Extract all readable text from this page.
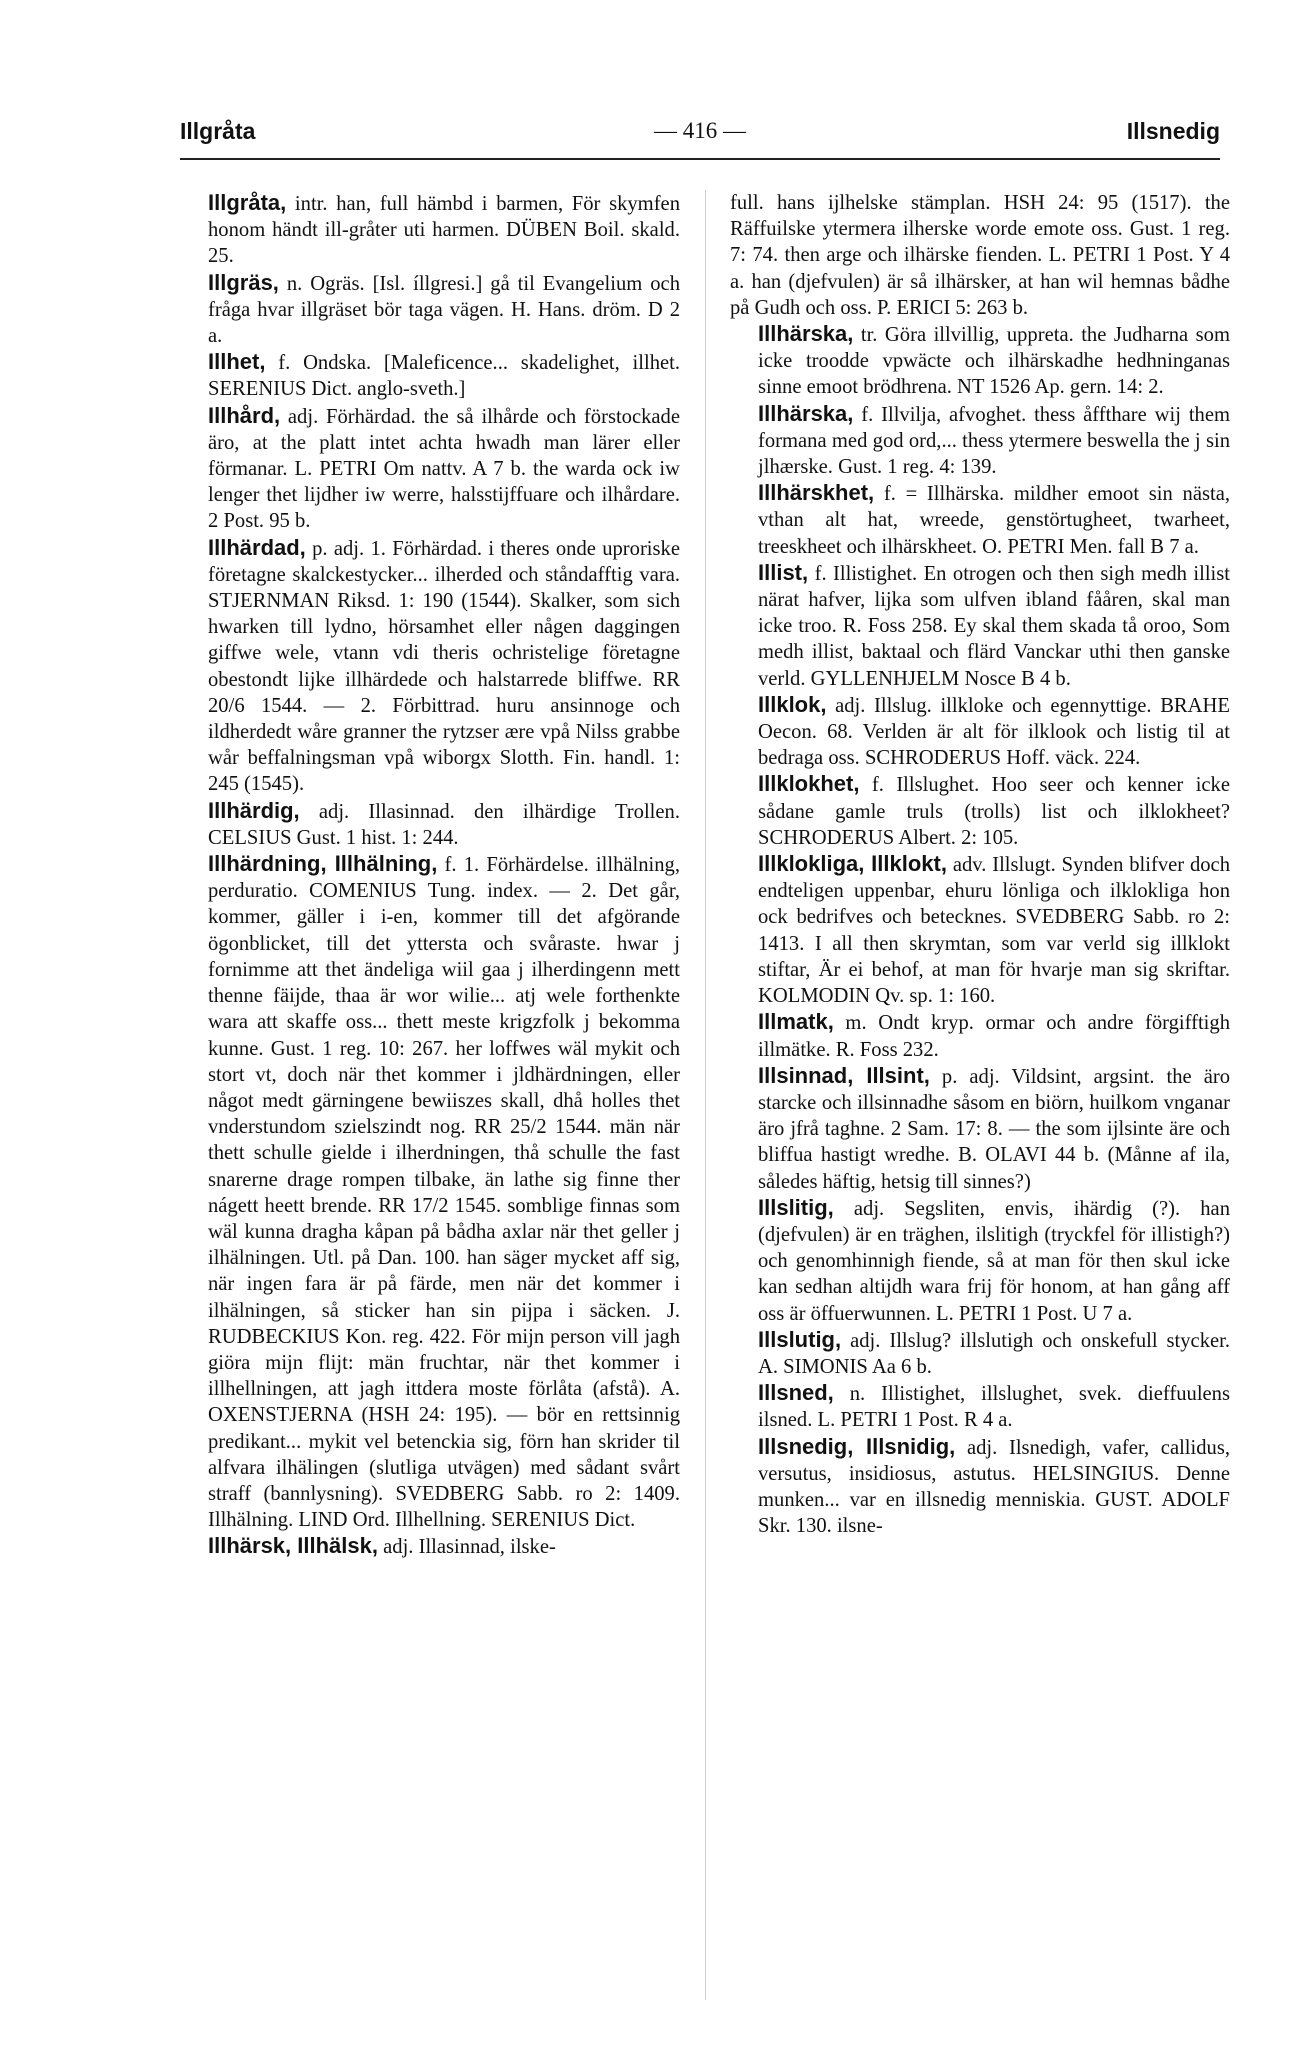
Illgråta	— 416 —	Illsnedig

Illgråta, intr. han, full hämbd i barmen, För skymfen honom händt ill-gråter uti harmen. DÜBEN Boil. skald. 25.

Illgräs, n. Ogräs. [Isl. íllgresi.] gå til Evangelium och fråga hvar illgräset bör taga vägen. H. Hans. dröm. D 2 a.

Illhet, f. Ondska. [Maleficence... skadelighet, illhet. SERENIUS Dict. anglo-sveth.]

Illhård, adj. Förhärdad. the så ilhårde och förstockade äro, at the platt intet achta hwadh man lärer eller förmanar. L. PETRI Om nattv. A 7 b. the warda ock iw lenger thet lijdher iw werre, halsstijffuare och ilhårdare. 2 Post. 95 b.

Illhärdad, p. adj. 1. Förhärdad. i theres onde uproriske företagne skalckestycker... ilherded och ståndafftig vara. STJERNMAN Riksd. 1: 190 (1544). Skalker, som sich hwarken till lydno, hörsamhet eller någen daggingen giffwe wele, vtann vdi theris ochristelige företagne obestondt lijke illhärdede och halstarrede bliffwe. RR 20/6 1544. — 2. Förbittrad. huru ansinnoge och ildherdedt wåre granner the rytzser ære vpå Nilss grabbe wår beffalningsman vpå wiborgx Slotth. Fin. handl. 1: 245 (1545).

Illhärdig, adj. Illasinnad. den ilhärdige Trollen. CELSIUS Gust. 1 hist. 1: 244.

Illhärdning, Illhälning, f. 1. Förhärdelse. illhälning, perduratio. COMENIUS Tung. index. — 2. Det går, kommer, gäller i i-en, kommer till det afgörande ögonblicket, till det yttersta och svåraste. hwar j fornimme att thet ändeliga wiil gaa j ilherdingenn mett thenne fäijde, thaa är wor wilie... atj wele forthenkte wara att skaffe oss... thett meste krigzfolk j bekomma kunne. Gust. 1 reg. 10: 267. her loffwes wäl mykit och stort vt, doch när thet kommer i jldhärdningen, eller något medt gärningene bewiiszes skall, dhå holles thet vnderstundom szielszindt nog. RR 25/2 1544. män när thett schulle gielde i ilherdningen, thå schulle the fast snarerne drage rompen tilbake, än lathe sig finne ther nágett heett brende. RR 17/2 1545. somblige finnas som wäl kunna dragha kåpan på bådha axlar när thet geller j ilhälningen. Utl. på Dan. 100. han säger mycket aff sig, när ingen fara är på färde, men när det kommer i ilhälningen, så sticker han sin pijpa i säcken. J. RUDBECKIUS Kon. reg. 422. För mijn person vill jagh giöra mijn flijt: män fruchtar, när thet kommer i illhellningen, att jagh ittdera moste förlåta (afstå). A. OXENSTJERNA (HSH 24: 195). — bör en rettsinnig predikant... mykit vel betenckia sig, förn han skrider til alfvara ilhälingen (slutliga utvägen) med sådant svårt straff (bannlysning). SVEDBERG Sabb. ro 2: 1409. Illhälning. LIND Ord. Illhellning. SERENIUS Dict.

Illhärsk, Illhälsk, adj. Illasinnad, ilske-

full. hans ijlhelske stämplan. HSH 24: 95 (1517). the Räffuilske ytermera ilherske worde emote oss. Gust. 1 reg. 7: 74. then arge och ilhärske fienden. L. PETRI 1 Post. Y 4 a. han (djefvulen) är så ilhärsker, at han wil hemnas bådhe på Gudh och oss. P. ERICI 5: 263 b.

Illhärska, tr. Göra illvillig, uppreta. the Judharna som icke troodde vpwäcte och ilhärskadhe hedhninganas sinne emoot brödhrena. NT 1526 Ap. gern. 14: 2.

Illhärska, f. Illvilja, afvoghet. thess åffthare wij them formana med god ord,... thess ytermere beswella the j sin jlhærske. Gust. 1 reg. 4: 139.

Illhärskhet, f. = Illhärska. mildher emoot sin nästa, vthan alt hat, wreede, genstörtugheet, twarheet, treeskheet och ilhärskheet. O. PETRI Men. fall B 7 a.

Illist, f. Illistighet. En otrogen och then sigh medh illist närat hafver, lijka som ulfven ibland fååren, skal man icke troo. R. Foss 258. Ey skal them skada tå oroo, Som medh illist, baktaal och flärd Vanckar uthi then ganske verld. GYLLENHJELM Nosce B 4 b.

Illklok, adj. Illslug. illkloke och egennyttige. BRAHE Oecon. 68. Verlden är alt för ilklook och listig til at bedraga oss. SCHRODERUS Hoff. väck. 224.

Illklokhet, f. Illslughet. Hoo seer och kenner icke sådane gamle truls (trolls) list och ilklokheet? SCHRODERUS Albert. 2: 105.

Illklokliga, Illklokt, adv. Illslugt. Synden blifver doch endteligen uppenbar, ehuru lönliga och ilklokliga hon ock bedrifves och betecknes. SVEDBERG Sabb. ro 2: 1413. I all then skrymtan, som var verld sig illklokt stiftar, Är ei behof, at man för hvarje man sig skriftar. KOLMODIN Qv. sp. 1: 160.

Illmatk, m. Ondt kryp. ormar och andre förgifftigh illmätke. R. Foss 232.

Illsinnad, Illsint, p. adj. Vildsint, argsint. the äro starcke och illsinnadhe såsom en biörn, huilkom vnganar äro jfrå taghne. 2 Sam. 17: 8. — the som ijlsinte äre och bliffua hastigt wredhe. B. OLAVI 44 b. (Månne af ila, således häftig, hetsig till sinnes?)

Illslitig, adj. Segsliten, envis, ihärdig (?). han (djefvulen) är en träghen, ilslitigh (tryckfel för illistigh?) och genomhinnigh fiende, så at man för then skul icke kan sedhan altijdh wara frij för honom, at han gång aff oss är öffuerwunnen. L. PETRI 1 Post. U 7 a.

Illslutig, adj. Illslug? illslutigh och onskefull stycker. A. SIMONIS Aa 6 b.

Illsned, n. Illistighet, illslughet, svek. dieffuulens ilsned. L. PETRI 1 Post. R 4 a.

Illsnedig, Illsnidig, adj. Ilsnedigh, vafer, callidus, versutus, insidiosus, astutus. HELSINGIUS. Denne munken... var en illsnedig menniskia. GUST. ADOLF Skr. 130. ilsne-
